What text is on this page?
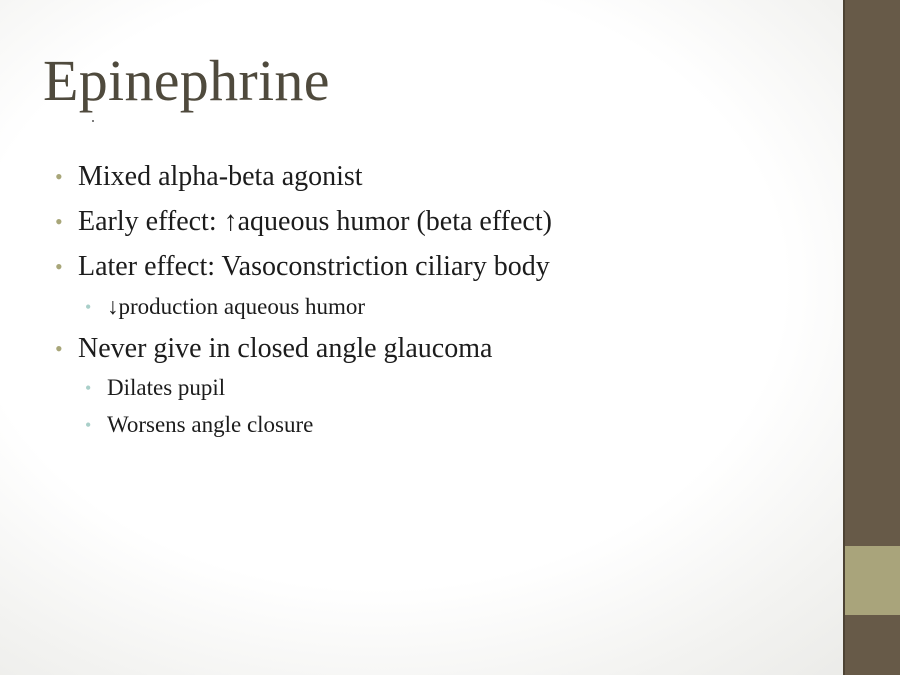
Epinephrine
• Mixed alpha-beta agonist
• Early effect: ↑aqueous humor (beta effect)
• Later effect: Vasoconstriction ciliary body
• ↓production aqueous humor
• Never give in closed angle glaucoma
• Dilates pupil
• Worsens angle closure
